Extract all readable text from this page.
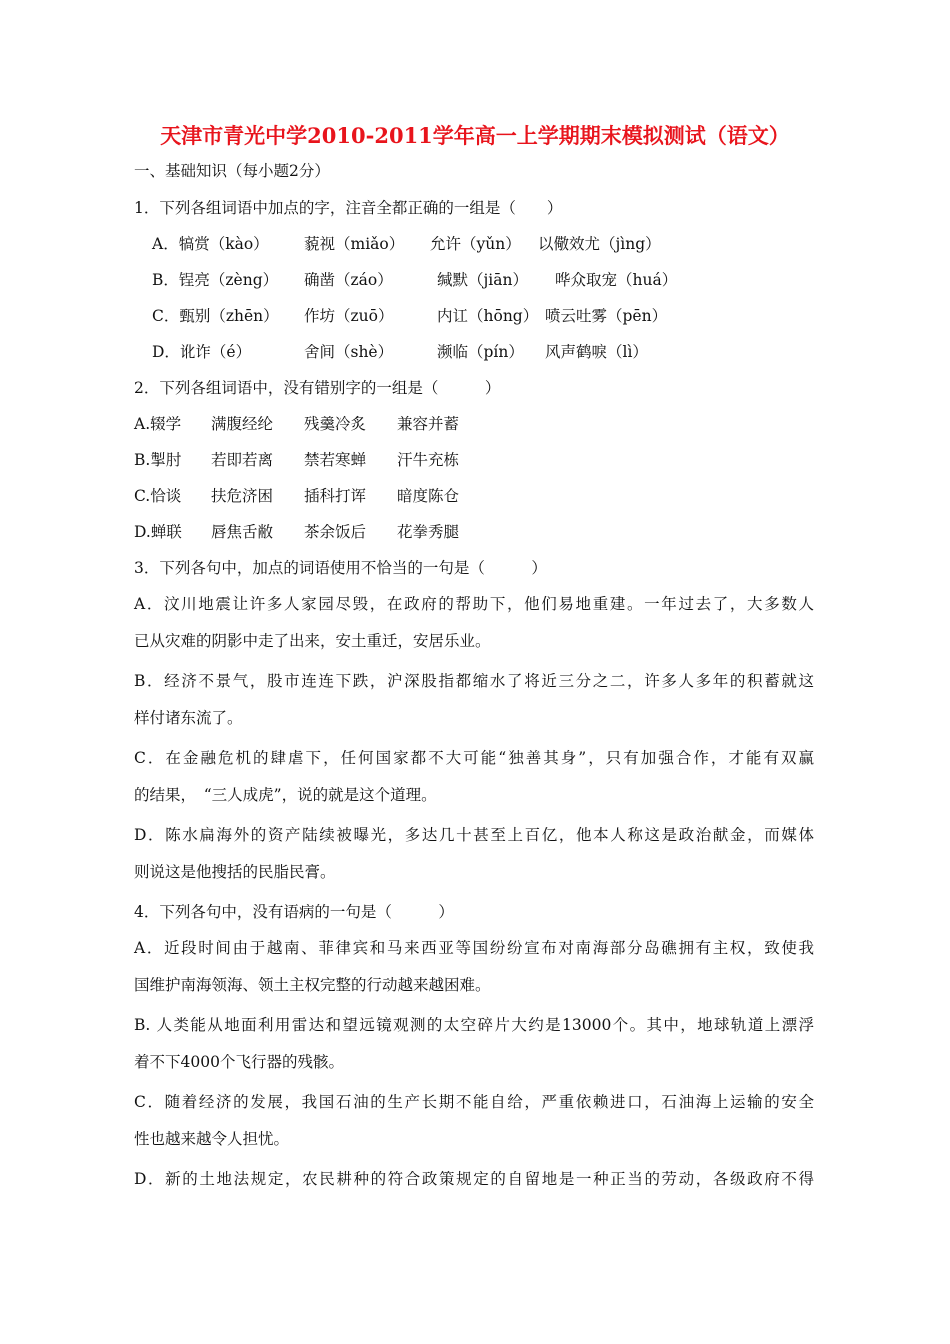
天津市青光中学2010-2011学年高一上学期期末模拟测试（语文）
一、基础知识（每小题2分）
1．下列各组词语中加点的字，注音全都正确的一组是（　　）
A．犒赏（kào） 藐视（miǎo） 允许（yǔn） 以儆效尤（jìng）
B．锃亮（zèng） 确凿（záo）	缄默（jiān） 哗众取宠（huá）
C．甄别（zhēn） 作坊（zuō）	内讧（hōng） 喷云吐雾（pēn）
D．讹诈（é）	舍间（shè）	濒临（pín） 风声鹤唳（lì）
2．下列各组词语中，没有错别字的一组是（　　　）
A.辍学 满腹经纶 残羹冷炙 兼容并蓄
B.掣肘 若即若离 禁若寒蝉 汗牛充栋
C.恰谈 扶危济困 插科打诨 暗度陈仓
D.蝉联 唇焦舌敝 茶余饭后 花拳秀腿
3．下列各句中，加点的词语使用不恰当的一句是（　　　）
A．汶川地震让许多人家园尽毁，在政府的帮助下，他们易地重建。一年过去了，大多数人
已从灾难的阴影中走了出来，安土重迁，安居乐业。
B．经济不景气，股市连连下跌，沪深股指都缩水了将近三分之二，许多人多年的积蓄就这
样付诸东流了。
C．在金融危机的肆虐下，任何国家都不大可能“独善其身”，只有加强合作，才能有双赢
的结果，　“三人成虎”，说的就是这个道理。
D．陈水扁海外的资产陆续被曝光，多达几十甚至上百亿，他本人称这是政治献金，而媒体
则说这是他搜括的民脂民膏。
4．下列各句中，没有语病的一句是（　　　）
A．近段时间由于越南、菲律宾和马来西亚等国纷纷宣布对南海部分岛礁拥有主权，致使我
国维护南海领海、领土主权完整的行动越来越困难。
B. 人类能从地面利用雷达和望远镜观测的太空碎片大约是13000个。其中，地球轨道上漂浮
着不下4000个飞行器的残骸。
C．随着经济的发展，我国石油的生产长期不能自给，严重依赖进口，石油海上运输的安全
性也越来越令人担忧。
D．新的土地法规定，农民耕种的符合政策规定的自留地是一种正当的劳动，各级政府不得
